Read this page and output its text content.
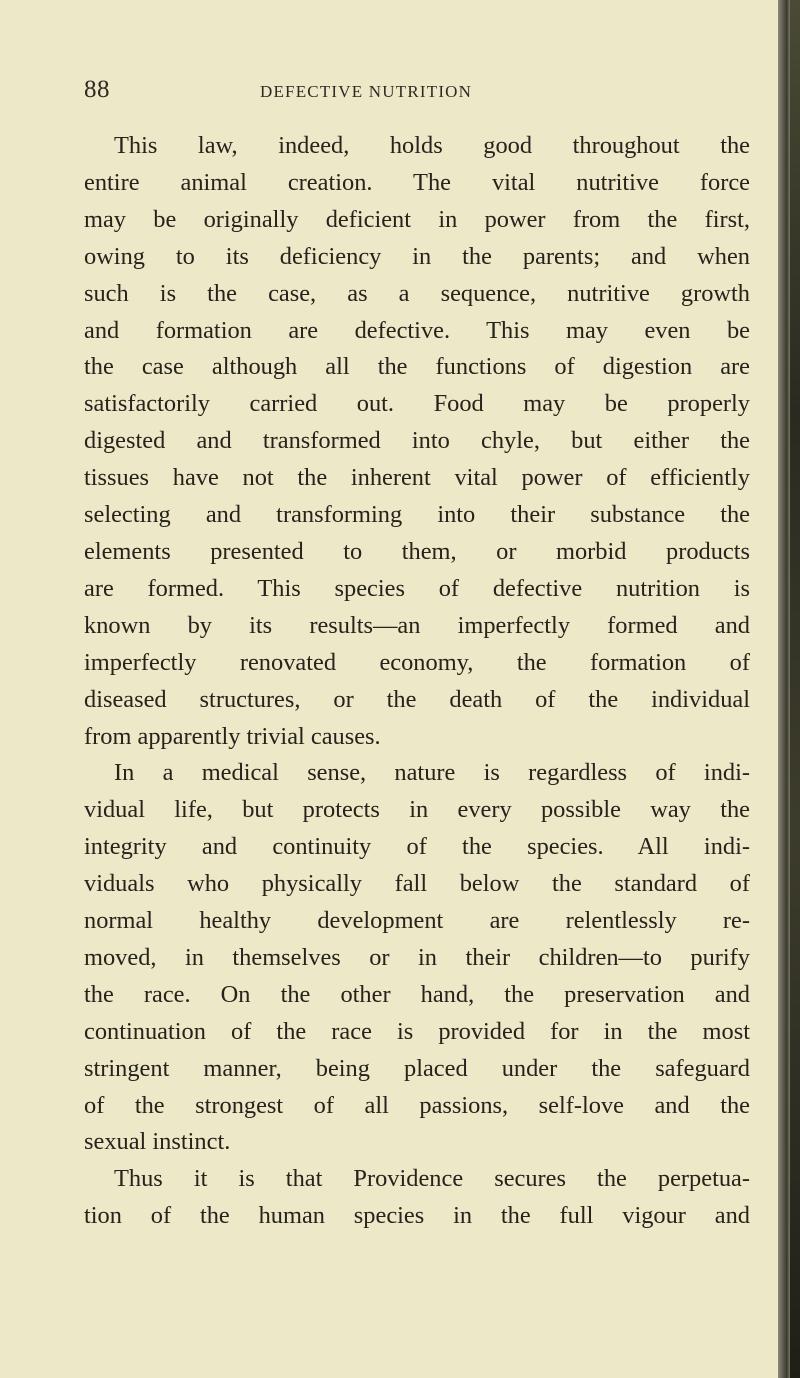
88	DEFECTIVE NUTRITION
This law, indeed, holds good throughout the
entire animal creation. The vital nutritive force
may be originally deficient in power from the first,
owing to its deficiency in the parents; and when
such is the case, as a sequence, nutritive growth
and formation are defective. This may even be
the case although all the functions of digestion are
satisfactorily carried out. Food may be properly
digested and transformed into chyle, but either the
tissues have not the inherent vital power of efficiently
selecting and transforming into their substance the
elements presented to them, or morbid products
are formed. This species of defective nutrition is
known by its results—an imperfectly formed and
imperfectly renovated economy, the formation of
diseased structures, or the death of the individual
from apparently trivial causes.
In a medical sense, nature is regardless of indi-
vidual life, but protects in every possible way the
integrity and continuity of the species. All indi-
viduals who physically fall below the standard of
normal healthy development are relentlessly re-
moved, in themselves or in their children—to purify
the race. On the other hand, the preservation and
continuation of the race is provided for in the most
stringent manner, being placed under the safeguard
of the strongest of all passions, self-love and the
sexual instinct.
Thus it is that Providence secures the perpetua-
tion of the human species in the full vigour and
